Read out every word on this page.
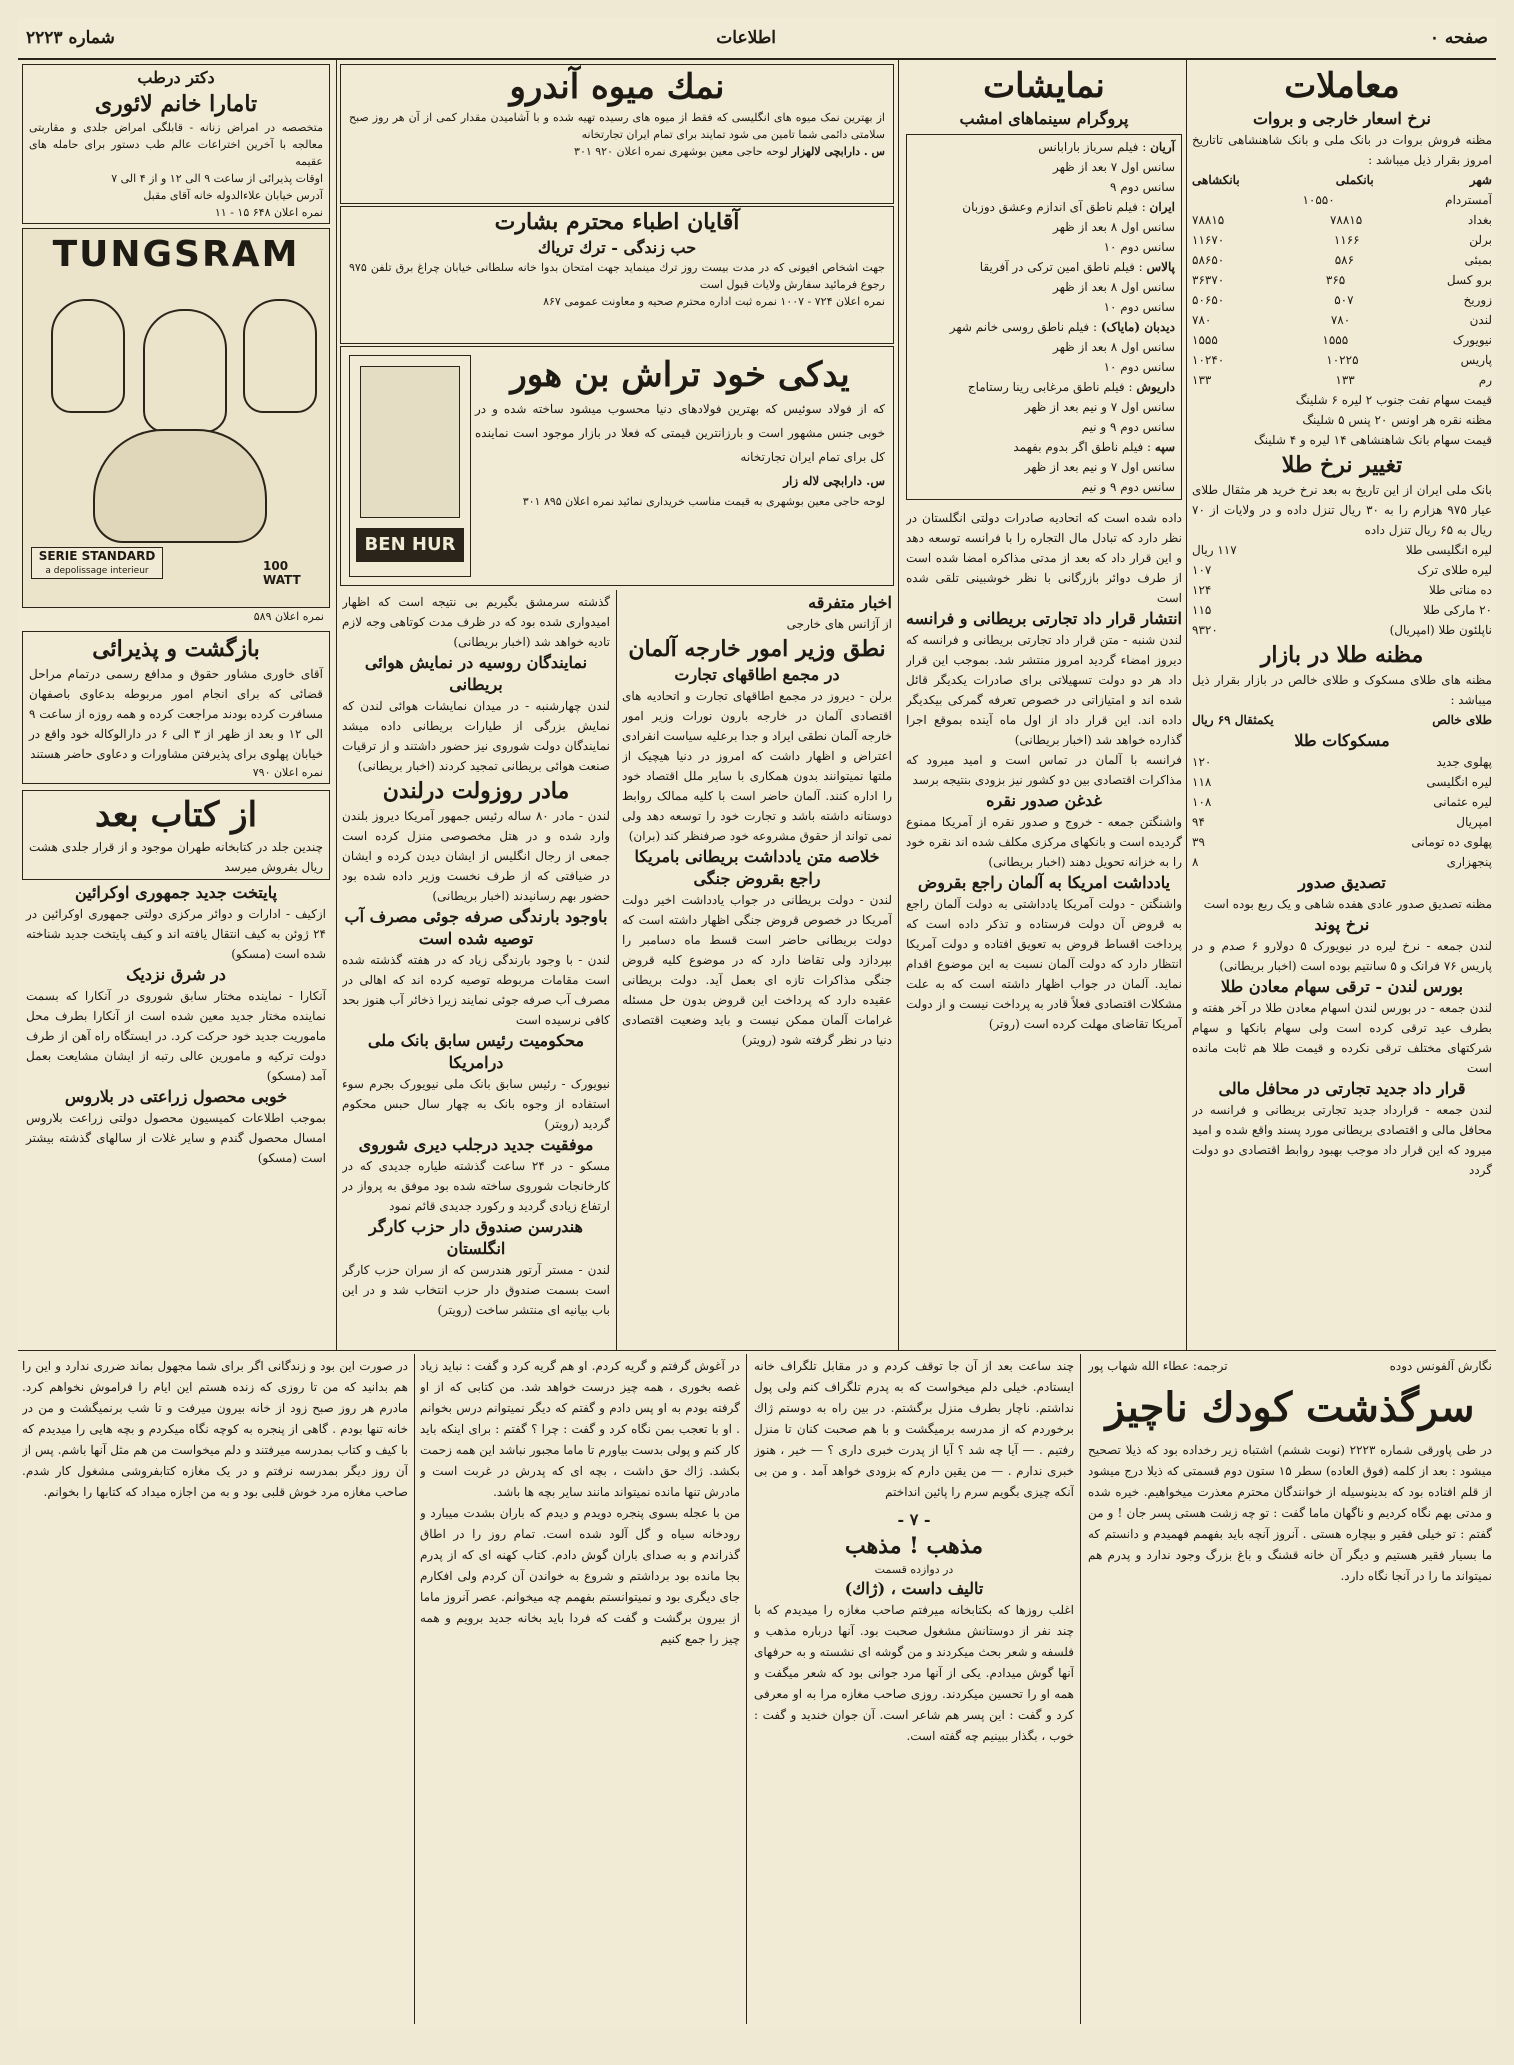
صفحه ۰
اطلاعات
شماره ۲۲۲۳
معاملات
نرخ اسعار خارجی و بروات
مظنه فروش بروات در بانک ملی و بانک شاهنشاهی تاتاریخ امروز بقرار ذیل میباشد :
شهر
بانکملی
بانکشاهی
آمستردام
۱۰۵۵۰
بغداد
۷۸۸۱۵
۷۸۸۱۵
برلن
۱۱۶۶
۱۱۶۷۰
بمبئی
۵۸۶
۵۸۶۵۰
برو کسل
۳۶۵
۳۶۳۷۰
زوریخ
۵۰۷
۵۰۶۵۰
لندن
۷۸۰
۷۸۰
نیویورک
۱۵۵۵
۱۵۵۵
پاریس
۱۰۲۲۵
۱۰۲۴۰
رم
۱۳۳
۱۳۳
قیمت سهام نفت جنوب ۲ لیره ۶ شلینگ
مظنه نقره هر اونس ۲۰ پنس ۵ شلینگ
قیمت سهام بانک شاهنشاهی ۱۴ لیره و ۴ شلینگ
تغییر نرخ طلا
بانک ملی ایران از این تاریخ به بعد نرخ خرید هر مثقال طلای عیار ۹۷۵ هزارم را به ۳۰ ریال تنزل داده و در ولایات از ۷۰ ریال به ۶۵ ریال تنزل داده
لیره انگلیسی طلا
۱۱۷ ریال
لیره طلای ترک
۱۰۷
ده مناتی طلا
۱۲۴
۲۰ مارکی طلا
۱۱۵
ناپلئون طلا (امپریال)
۹۳۲۰
مظنه طلا در بازار
مظنه های طلای مسکوک و طلای خالص در بازار بقرار ذیل میباشد :
طلای خالص
یکمثقال ۶۹ ریال
مسکوکات طلا
پهلوی جدید
۱۲۰
لیره انگلیسی
۱۱۸
لیره عثمانی
۱۰۸
امپریال
۹۴
پهلوی ده تومانی
۳۹
پنجهزاری
۸
تصدیق صدور
مظنه تصدیق صدور عادی هفده شاهی و یک ربع بوده است
نرخ پوند
لندن جمعه - نرخ لیره در نیویورک ۵ دولارو ۶ صدم و در پاریس ۷۶ فرانک و ۵ سانتیم بوده است (اخبار بریطانی)
بورس لندن - ترقی سهام معادن طلا
لندن جمعه - در بورس لندن اسهام معادن طلا در آخر هفته و بطرف عید ترقی کرده است ولی سهام بانکها و سهام شرکتهای مختلف ترقی نکرده و قیمت طلا هم ثابت مانده است
قرار داد جدید تجارتی در محافل مالی
لندن جمعه - قرارداد جدید تجارتی بریطانی و فرانسه در محافل مالی و اقتصادی بریطانی مورد پسند واقع شده و امید میرود که این قرار داد موجب بهبود روابط اقتصادی دو دولت گردد
نمایشات
پروگرام سینماهای امشب
آریان : فیلم سرباز بارابانس
سانس اول ۷ بعد از ظهر
سانس دوم ۹
ایران : فیلم ناطق آی اندازم وعشق دوزبان
سانس اول ۸ بعد از ظهر
سانس دوم ۱۰
پالاس : فیلم ناطق امین ترکی در آفریقا
سانس اول ۸ بعد از ظهر
سانس دوم ۱۰
دیدبان (مایاک) : فیلم ناطق روسی خانم شهر
سانس اول ۸ بعد از ظهر
سانس دوم ۱۰
داریوش : فیلم ناطق مرغابی رینا رستاماج
سانس اول ۷ و نیم بعد از ظهر
سانس دوم ۹ و نیم
سپه : فیلم ناطق اگر بدوم بفهمد
سانس اول ۷ و نیم بعد از ظهر
سانس دوم ۹ و نیم
داده شده است که اتحادیه صادرات دولتی انگلستان در نظر دارد که تبادل مال التجاره را با فرانسه توسعه دهد و این قرار داد که بعد از مدتی مذاکره امضا شده است از طرف دوائر بازرگانی با نظر خوشبینی تلقی شده است
انتشار قرار داد تجارتی بریطانی و فرانسه
لندن شنبه - متن قرار داد تجارتی بریطانی و فرانسه که دیروز امضاء گردید امروز منتشر شد. بموجب این قرار داد هر دو دولت تسهیلاتی برای صادرات یکدیگر قائل شده اند و امتیازاتی در خصوص تعرفه گمرکی بیکدیگر داده اند. این قرار داد از اول ماه آینده بموقع اجرا گذارده خواهد شد (اخبار بریطانی)
فرانسه با آلمان در تماس است و امید میرود که مذاکرات اقتصادی بین دو کشور نیز بزودی بنتیجه برسد
غدغن صدور نقره
واشنگتن جمعه - خروج و صدور نقره از آمریکا ممنوع گردیده است و بانکهای مرکزی مکلف شده اند نقره خود را به خزانه تحویل دهند (اخبار بریطانی)
یادداشت امریکا به آلمان راجع بقروض
واشنگتن - دولت آمریکا یادداشتی به دولت آلمان راجع به قروض آن دولت فرستاده و تذکر داده است که پرداخت اقساط قروض به تعویق افتاده و دولت آمریکا انتظار دارد که دولت آلمان نسبت به این موضوع اقدام نماید. آلمان در جواب اظهار داشته است که به علت مشکلات اقتصادی فعلاً قادر به پرداخت نیست و از دولت آمریکا تقاضای مهلت کرده است (روتر)
نمك میوه آندرو
از بهترین نمک میوه های انگلیسی که فقط از میوه های رسیده تهیه شده و با آشامیدن مقدار کمی از آن هر روز صبح سلامتی دائمی شما تامین می شود تمایند برای تمام ایران تجارتخانه
س . دارابچی لالهزار لوحه حاجی معین بوشهری نمره اعلان ۹۲۰ ۳۰۱
آقایان اطباء محترم بشارت
حب زندگی - ترك تریاك
جهت اشخاص افیونی که در مدت بیست روز ترك مینماید جهت امتحان بدوا خانه سلطانی خیابان چراغ برق تلفن ۹۷۵ رجوع فرمائید سفارش ولایات قبول است
نمره اعلان ۷۲۴ - ۱۰۰۷ نمره ثبت اداره محترم صحیه و معاونت عمومی ۸۶۷
BEN HUR
یدکی خود تراش بن هور
که از فولاد سوئیس که بهترین فولادهای دنیا محسوب میشود ساخته شده و در خوبی جنس مشهور است و بارزانترین قیمتی که فعلا در بازار موجود است نماینده کل برای تمام ایران تجارتخانه
س. دارابچی لاله زار
لوحه حاجی معین بوشهری به قیمت مناسب خریداری نمائید نمره اعلان ۸۹۵ ۳۰۱
اخبار متفرقه
از آژانس های خارجی
نطق وزیر امور خارجه آلمان
در مجمع اطاقهای تجارت
برلن - دیروز در مجمع اطاقهای تجارت و اتحادیه های اقتصادی آلمان در خارجه بارون نورات وزیر امور خارجه آلمان نطقی ایراد و جدا برعلیه سیاست انفرادی اعتراض و اظهار داشت که امروز در دنیا هیچیک از ملتها نمیتوانند بدون همکاری با سایر ملل اقتصاد خود را اداره کنند. آلمان حاضر است با کلیه ممالک روابط دوستانه داشته باشد و تجارت خود را توسعه دهد ولی نمی تواند از حقوق مشروعه خود صرفنظر کند (بران)
خلاصه متن یادداشت بریطانی بامریکا راجع بقروض جنگی
لندن - دولت بریطانی در جواب یادداشت اخیر دولت آمریکا در خصوص قروض جنگی اظهار داشته است که دولت بریطانی حاضر است قسط ماه دسامبر را بپردازد ولی تقاضا دارد که در موضوع کلیه قروض جنگی مذاکرات تازه ای بعمل آید. دولت بریطانی عقیده دارد که پرداخت این قروض بدون حل مسئله غرامات آلمان ممکن نیست و باید وضعیت اقتصادی دنیا در نظر گرفته شود (رویتر)
گذشته سرمشق بگیریم بی نتیجه است که اظهار امیدواری شده بود که در ظرف مدت کوتاهی وجه لازم تادیه خواهد شد (اخبار بریطانی)
نمایندگان روسیه در نمایش هوائی بریطانی
لندن چهارشنبه - در میدان نمایشات هوائی لندن که نمایش بزرگی از طیارات بریطانی داده میشد نمایندگان دولت شوروی نیز حضور داشتند و از ترقیات صنعت هوائی بریطانی تمجید کردند (اخبار بریطانی)
مادر روزولت درلندن
لندن - مادر ۸۰ ساله رئیس جمهور آمریکا دیروز بلندن وارد شده و در هتل مخصوصی منزل کرده است جمعی از رجال انگلیس از ایشان دیدن کرده و ایشان در ضیافتی که از طرف نخست وزیر داده شده بود حضور بهم رسانیدند (اخبار بریطانی)
باوجود بارندگی صرفه جوئی مصرف آب توصیه شده است
لندن - با وجود بارندگی زیاد که در هفته گذشته شده است مقامات مربوطه توصیه کرده اند که اهالی در مصرف آب صرفه جوئی نمایند زیرا ذخائر آب هنوز بحد کافی نرسیده است
محکومیت رئیس سابق بانک ملی درامریکا
نیویورک - رئیس سابق بانک ملی نیویورک بجرم سوء استفاده از وجوه بانک به چهار سال حبس محکوم گردید (رویتر)
موفقیت جدید درجلب دیری شوروی
مسکو - در ۲۴ ساعت گذشته طیاره جدیدی که در کارخانجات شوروی ساخته شده بود موفق به پرواز در ارتفاع زیادی گردید و رکورد جدیدی قائم نمود
هندرسن صندوق دار حزب کارگر انگلستان
لندن - مستر آرتور هندرسن که از سران حزب کارگر است بسمت صندوق دار حزب انتخاب شد و در این باب بیانیه ای منتشر ساخت (رویتر)
دکتر درطب
تامارا خانم لائوری
متخصصه در امراض زنانه - قابلگی امراض جلدی و مقاربتی معالجه با آخرین اختراعات عالم طب دستور برای حامله های عقیمه
اوقات پذیرائی از ساعت ۹ الی ۱۲ و از ۴ الی ۷
آدرس خیابان علاءالدوله خانه آقای مقبل
نمره اعلان ۶۴۸ ۱۵ - ۱۱
TUNGSRAM
SERIE STANDARD
a depolissage interieur	100 WATT
نمره اعلان ۵۸۹
بازگشت و پذیرائی
آقای خاوری مشاور حقوق و مدافع رسمی درتمام مراحل قضائی که برای انجام امور مربوطه بدعاوی باصفهان مسافرت کرده بودند مراجعت کرده و همه روزه از ساعت ۹ الی ۱۲ و بعد از ظهر از ۳ الی ۶ در دارالوکاله خود واقع در خیابان پهلوی برای پذیرفتن مشاورات و دعاوی حاضر هستند
نمره اعلان ۷۹۰
از کتاب بعد
چندین جلد در کتابخانه طهران موجود و از قرار جلدی هشت ریال بفروش میرسد
پایتخت جدید جمهوری اوکرائین
ازکیف - ادارات و دوائر مرکزی دولتی جمهوری اوکرائین در ۲۴ ژوئن به کیف انتقال یافته اند و کیف پایتخت جدید شناخته شده است (مسکو)
در شرق نزدیک
آنکارا - نماینده مختار سابق شوروی در آنکارا که بسمت نماینده مختار جدید معین شده است از آنکارا بطرف محل ماموریت جدید خود حرکت کرد. در ایستگاه راه آهن از طرف دولت ترکیه و مامورین عالی رتبه از ایشان مشایعت بعمل آمد (مسکو)
خوبی محصول زراعتی در بلاروس
بموجب اطلاعات کمیسیون محصول دولتی زراعت بلاروس امسال محصول گندم و سایر غلات از سالهای گذشته بیشتر است (مسکو)
نگارش آلفونس دوده
ترجمه: عطاء الله شهاب پور
سرگذشت کودك ناچیز
در طی پاورقی شماره ۲۲۲۳ (نوبت ششم) اشتباه زیر رخداده بود که ذیلا تصحیح میشود : بعد از کلمه (فوق العاده) سطر ۱۵ ستون دوم قسمتی که ذیلا درج میشود از قلم افتاده بود که بدینوسیله از خوانندگان محترم معذرت میخواهیم. خیره شده و مدتی بهم نگاه کردیم و ناگهان ماما گفت : تو چه زشت هستی پسر جان ! و من گفتم : تو خیلی فقیر و بیچاره هستی . آنروز آنچه باید بفهمم فهمیدم و دانستم که ما بسیار فقیر هستیم و دیگر آن خانه قشنگ و باغ بزرگ وجود ندارد و پدرم هم نمیتواند ما را در آنجا نگاه دارد.
چند ساعت بعد از آن جا توقف کردم و در مقابل تلگراف خانه ایستادم. خیلی دلم میخواست که به پدرم تلگراف کنم ولی پول نداشتم. ناچار بطرف منزل برگشتم. در بین راه به دوستم ژاك برخوردم که از مدرسه برمیگشت و با هم صحبت کنان تا منزل رفتیم . — آیا چه شد ؟ آیا از پدرت خبری داری ؟ — خیر ، هنوز خبری ندارم . — من يقين دارم كه بزودی خواهد آمد . و من بی آنکه چیزی بگویم سرم را پائین انداختم
- ۷ -
مذهب ! مذهب
در دوازده قسمت
تالیف داست ، (ژاك)
اغلب روزها که بکتابخانه میرفتم صاحب مغازه را میدیدم که با چند نفر از دوستانش مشغول صحبت بود. آنها درباره مذهب و فلسفه و شعر بحث میکردند و من گوشه ای نشسته و به حرفهای آنها گوش میدادم. یکی از آنها مرد جوانی بود که شعر میگفت و همه او را تحسین میکردند. روزی صاحب مغازه مرا به او معرفی کرد و گفت : این پسر هم شاعر است. آن جوان خندید و گفت : خوب ، بگذار ببینیم چه گفته است.
در آغوش گرفتم و گریه کردم. او هم گریه کرد و گفت : نباید زیاد غصه بخوری ، همه چیز درست خواهد شد. من کتابی که از او گرفته بودم به او پس دادم و گفتم که دیگر نمیتوانم درس بخوانم . او با تعجب بمن نگاه کرد و گفت : چرا ؟ گفتم : برای اینکه باید کار کنم و پولی بدست بیاورم تا ماما مجبور نباشد این همه زحمت بکشد. ژاك حق داشت ، بچه ای که پدرش در غربت است و مادرش تنها مانده نمیتواند مانند سایر بچه ها باشد.
من با عجله بسوی پنجره دویدم و دیدم که باران بشدت میبارد و رودخانه سیاه و گل آلود شده است. تمام روز را در اطاق گذراندم و به صدای باران گوش دادم. کتاب کهنه ای که از پدرم بجا مانده بود برداشتم و شروع به خواندن آن کردم ولی افکارم جای دیگری بود و نمیتوانستم بفهمم چه میخوانم. عصر آنروز ماما از بیرون برگشت و گفت که فردا باید بخانه جدید برویم و همه چیز را جمع کنیم
در صورت این بود و زندگانی اگر برای شما مجهول بماند ضرری ندارد و این را هم بدانید که من تا روزی که زنده هستم این ایام را فراموش نخواهم کرد. مادرم هر روز صبح زود از خانه بیرون میرفت و تا شب برنمیگشت و من در خانه تنها بودم . گاهی از پنجره به کوچه نگاه میکردم و بچه هایی را میدیدم که با کیف و کتاب بمدرسه میرفتند و دلم میخواست من هم مثل آنها باشم. پس از آن روز دیگر بمدرسه نرفتم و در یک مغازه کتابفروشی مشغول کار شدم. صاحب مغازه مرد خوش قلبی بود و به من اجازه میداد که کتابها را بخوانم.
